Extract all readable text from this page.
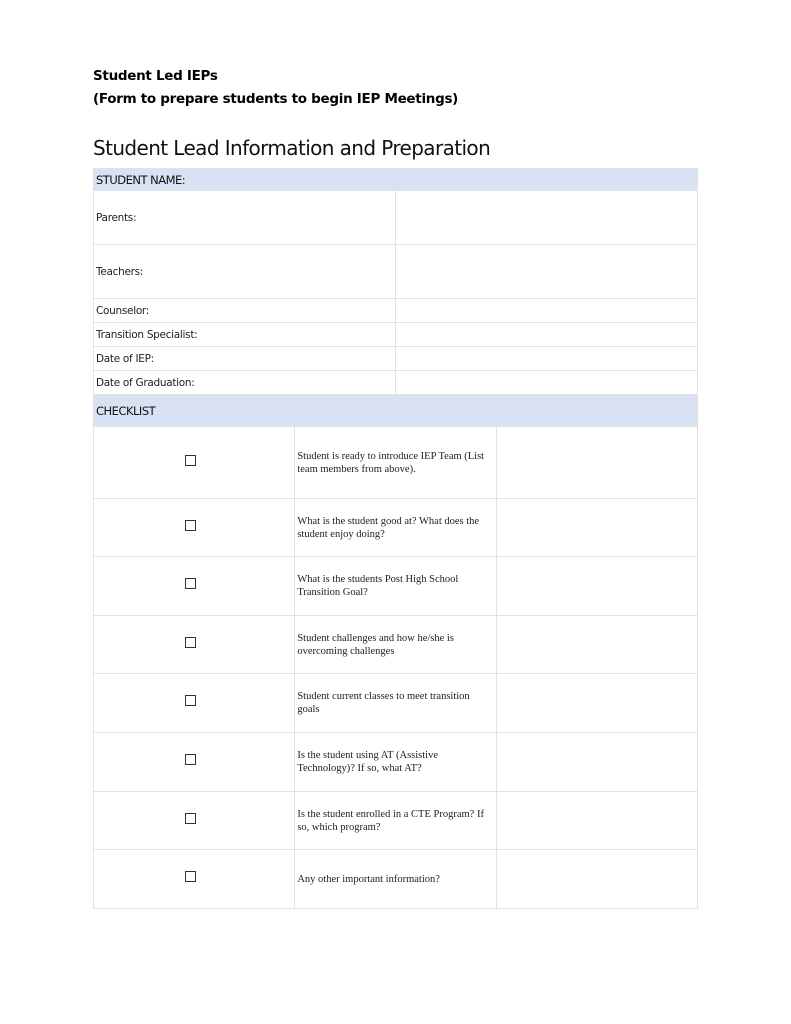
Student Led IEPs
(Form to prepare students to begin IEP Meetings)
Student Lead Information and Preparation
STUDENT NAME:	
Parents:	
Teachers:	
Counselor:	
Transition Specialist:	
Date of IEP:	
Date of Graduation:	
CHECKLIST		
	Student is ready to introduce IEP Team (List team members from above).	
	What is the student good at? What does the student enjoy doing?	
	What is the students Post High School Transition Goal?	
	Student challenges and how he/she is overcoming challenges	
	Student current classes to meet transition goals	
	Is the student using AT (Assistive Technology)? If so, what AT?	
	Is the student enrolled in a CTE Program? If so, which program?	
	Any other important information?	
